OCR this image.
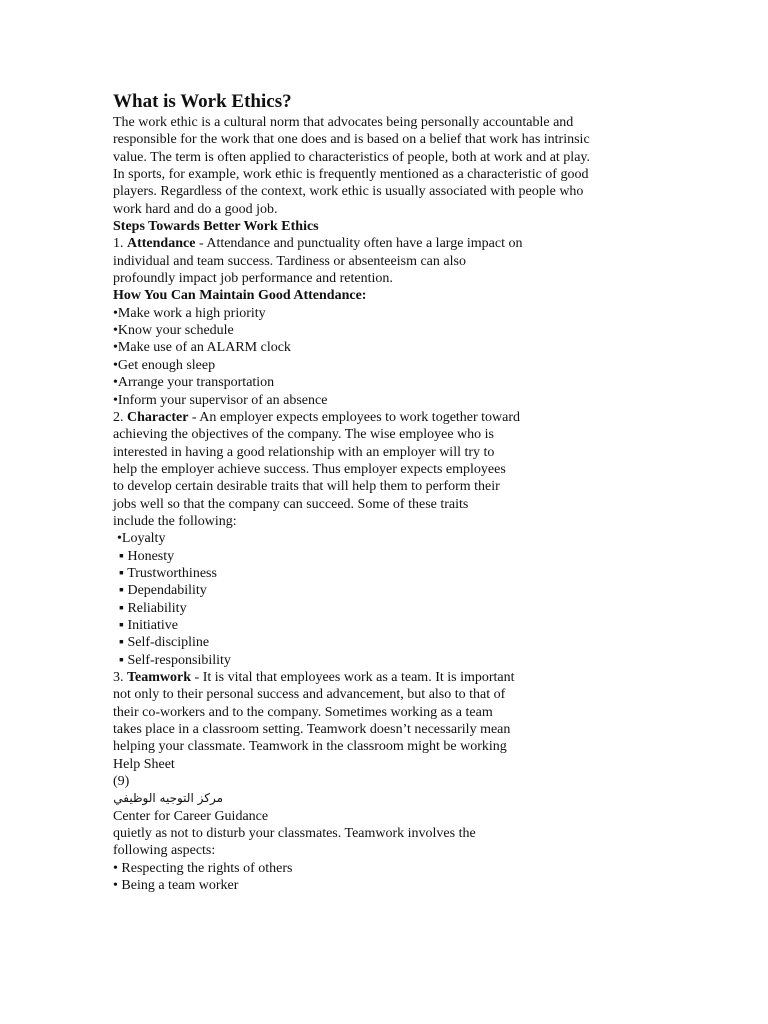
What is Work Ethics?
The work ethic is a cultural norm that advocates being personally accountable and
responsible for the work that one does and is based on a belief that work has intrinsic
value. The term is often applied to characteristics of people, both at work and at play.
In sports, for example, work ethic is frequently mentioned as a characteristic of good
players. Regardless of the context, work ethic is usually associated with people who
work hard and do a good job.
Steps Towards Better Work Ethics
1. Attendance - Attendance and punctuality often have a large impact on
individual and team success. Tardiness or absenteeism can also
profoundly impact job performance and retention.
How You Can Maintain Good Attendance:
•Make work a high priority
•Know your schedule
•Make use of an ALARM clock
•Get enough sleep
•Arrange your transportation
•Inform your supervisor of an absence
2. Character - An employer expects employees to work together toward
achieving the objectives of the company. The wise employee who is
interested in having a good relationship with an employer will try to
help the employer achieve success. Thus employer expects employees
to develop certain desirable traits that will help them to perform their
jobs well so that the company can succeed. Some of these traits
include the following:
•Loyalty
▪ Honesty
▪ Trustworthiness
▪ Dependability
▪ Reliability
▪ Initiative
▪ Self-discipline
▪ Self-responsibility
3. Teamwork - It is vital that employees work as a team. It is important
not only to their personal success and advancement, but also to that of
their co-workers and to the company. Sometimes working as a team
takes place in a classroom setting. Teamwork doesn’t necessarily mean
helping your classmate. Teamwork in the classroom might be working
Help Sheet
(9)
مركز التوجيه الوظيفي
Center for Career Guidance
quietly as not to disturb your classmates. Teamwork involves the
following aspects:
• Respecting the rights of others
• Being a team worker
